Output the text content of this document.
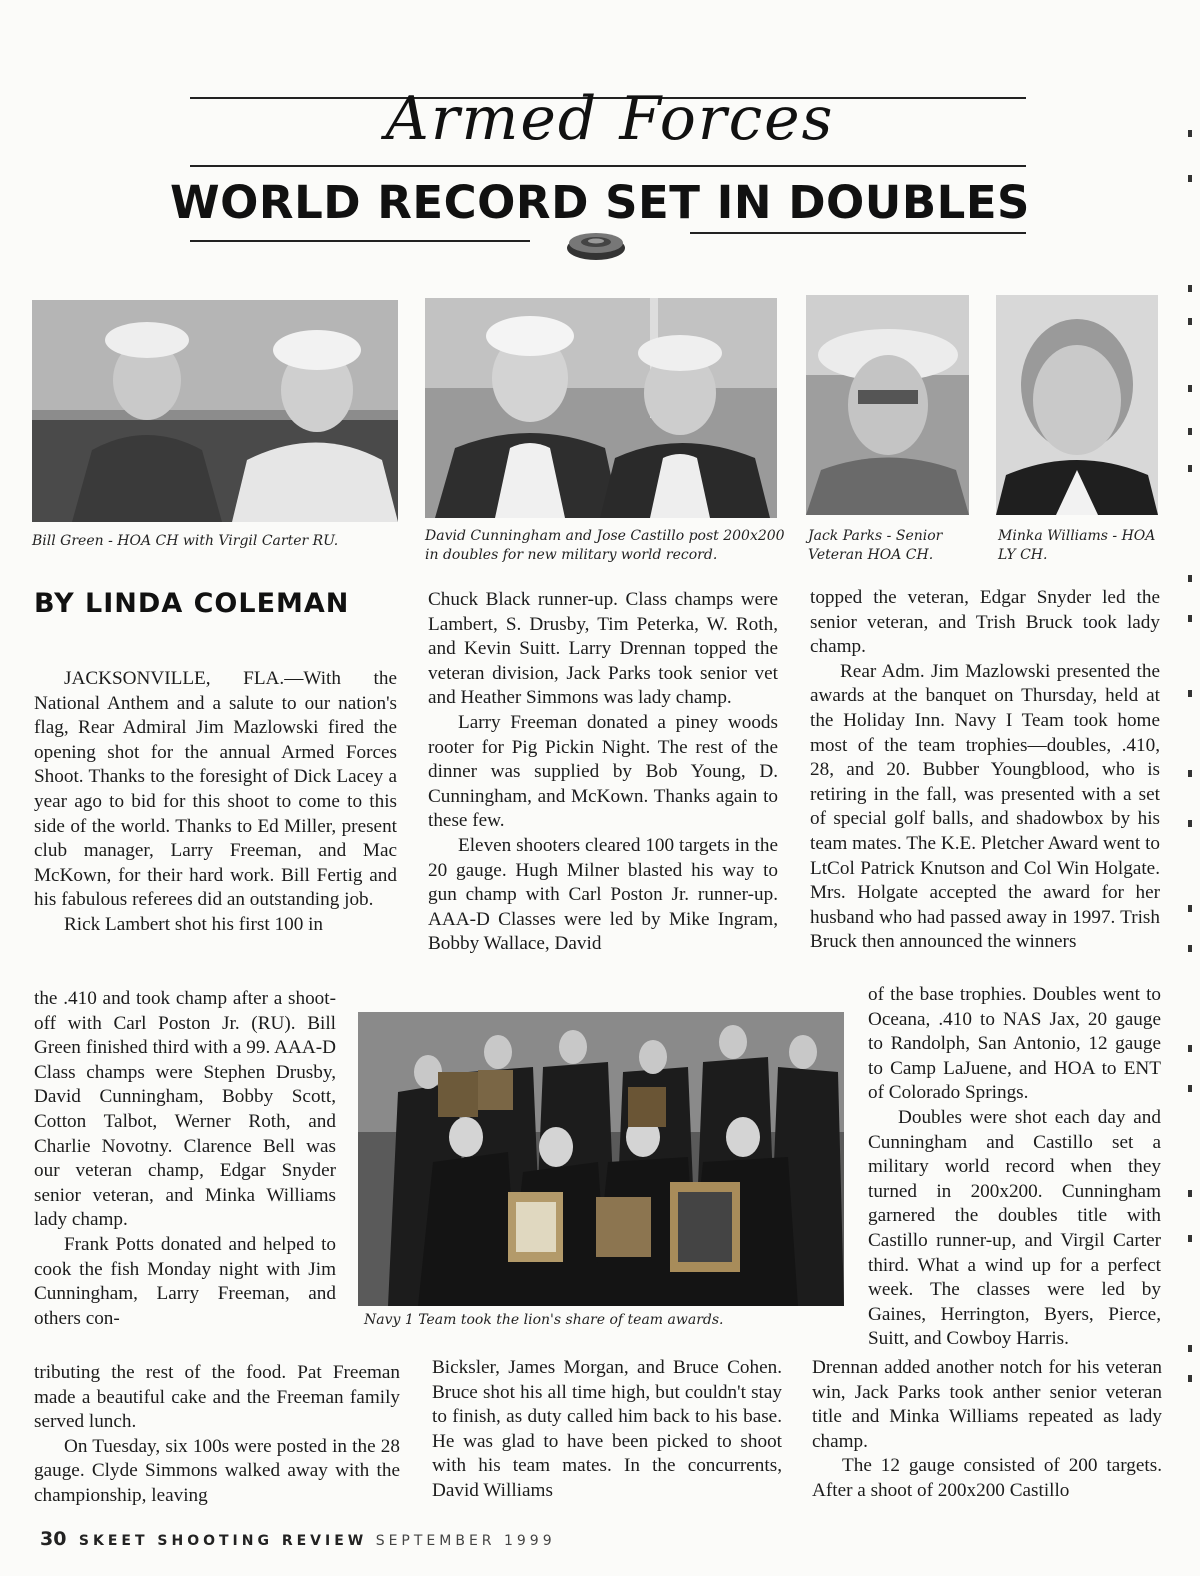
Armed Forces
WORLD RECORD SET IN DOUBLES
Bill Green - HOA CH with Virgil Carter RU.	David Cunningham and Jose Castillo post 200x200 in doubles for new military world record.
Jack Parks - Senior Veteran HOA CH.
Minka Williams - HOA LY CH.
BY LINDA COLEMAN

JACKSONVILLE, FLA.—With the National Anthem and a salute to our nation's flag, Rear Admiral Jim Mazlowski fired the opening shot for the annual Armed Forces Shoot. Thanks to the foresight of Dick Lacey a year ago to bid for this shoot to come to this side of the world. Thanks to Ed Miller, present club manager, Larry Freeman, and Mac McKown, for their hard work. Bill Fertig and his fabulous referees did an outstanding job.

Rick Lambert shot his first 100 in

the .410 and took champ after a shoot-off with Carl Poston Jr. (RU). Bill Green finished third with a 99. AAA-D Class champs were Stephen Drusby, David Cunningham, Bobby Scott, Cotton Talbot, Werner Roth, and Charlie Novotny. Clarence Bell was our veteran champ, Edgar Snyder senior veteran, and Minka Williams lady champ.

Frank Potts donated and helped to cook the fish Monday night with Jim Cunningham, Larry Freeman, and others con-

tributing the rest of the food. Pat Freeman made a beautiful cake and the Freeman family served lunch.

On Tuesday, six 100s were posted in the 28 gauge. Clyde Simmons walked away with the championship, leaving

Chuck Black runner-up. Class champs were Lambert, S. Drusby, Tim Peterka, W. Roth, and Kevin Suitt. Larry Drennan topped the veteran division, Jack Parks took senior vet and Heather Simmons was lady champ.

Larry Freeman donated a piney woods rooter for Pig Pickin Night. The rest of the dinner was supplied by Bob Young, D. Cunningham, and McKown. Thanks again to these few.

Eleven shooters cleared 100 targets in the 20 gauge. Hugh Milner blasted his way to gun champ with Carl Poston Jr. runner-up. AAA-D Classes were led by Mike Ingram, Bobby Wallace, David

Bicksler, James Morgan, and Bruce Cohen. Bruce shot his all time high, but couldn't stay to finish, as duty called him back to his base. He was glad to have been picked to shoot with his team mates. In the concurrents, David Williams

topped the veteran, Edgar Snyder led the senior veteran, and Trish Bruck took lady champ.

Rear Adm. Jim Mazlowski presented the awards at the banquet on Thursday, held at the Holiday Inn. Navy I Team took home most of the team trophies—doubles, .410, 28, and 20. Bubber Youngblood, who is retiring in the fall, was presented with a set of special golf balls, and shadowbox by his team mates. The K.E. Pletcher Award went to LtCol Patrick Knutson and Col Win Holgate. Mrs. Holgate accepted the award for her husband who had passed away in 1997. Trish Bruck then announced the winners

of the base trophies. Doubles went to Oceana, .410 to NAS Jax, 20 gauge to Randolph, San Antonio, 12 gauge to Camp LaJuene, and HOA to ENT of Colorado Springs.

Doubles were shot each day and Cunningham and Castillo set a military world record when they turned in 200x200. Cunningham garnered the doubles title with Castillo runner-up, and Virgil Carter third. What a wind up for a perfect week. The classes were led by Gaines, Herrington, Byers, Pierce, Suitt, and Cowboy Harris.

Drennan added another notch for his veteran win, Jack Parks took anther senior veteran title and Minka Williams repeated as lady champ.

The 12 gauge consisted of 200 targets. After a shoot of 200x200 Castillo

Navy 1 Team took the lion's share of team awards.
30 SKEET SHOOTING REVIEW SEPTEMBER 1999
